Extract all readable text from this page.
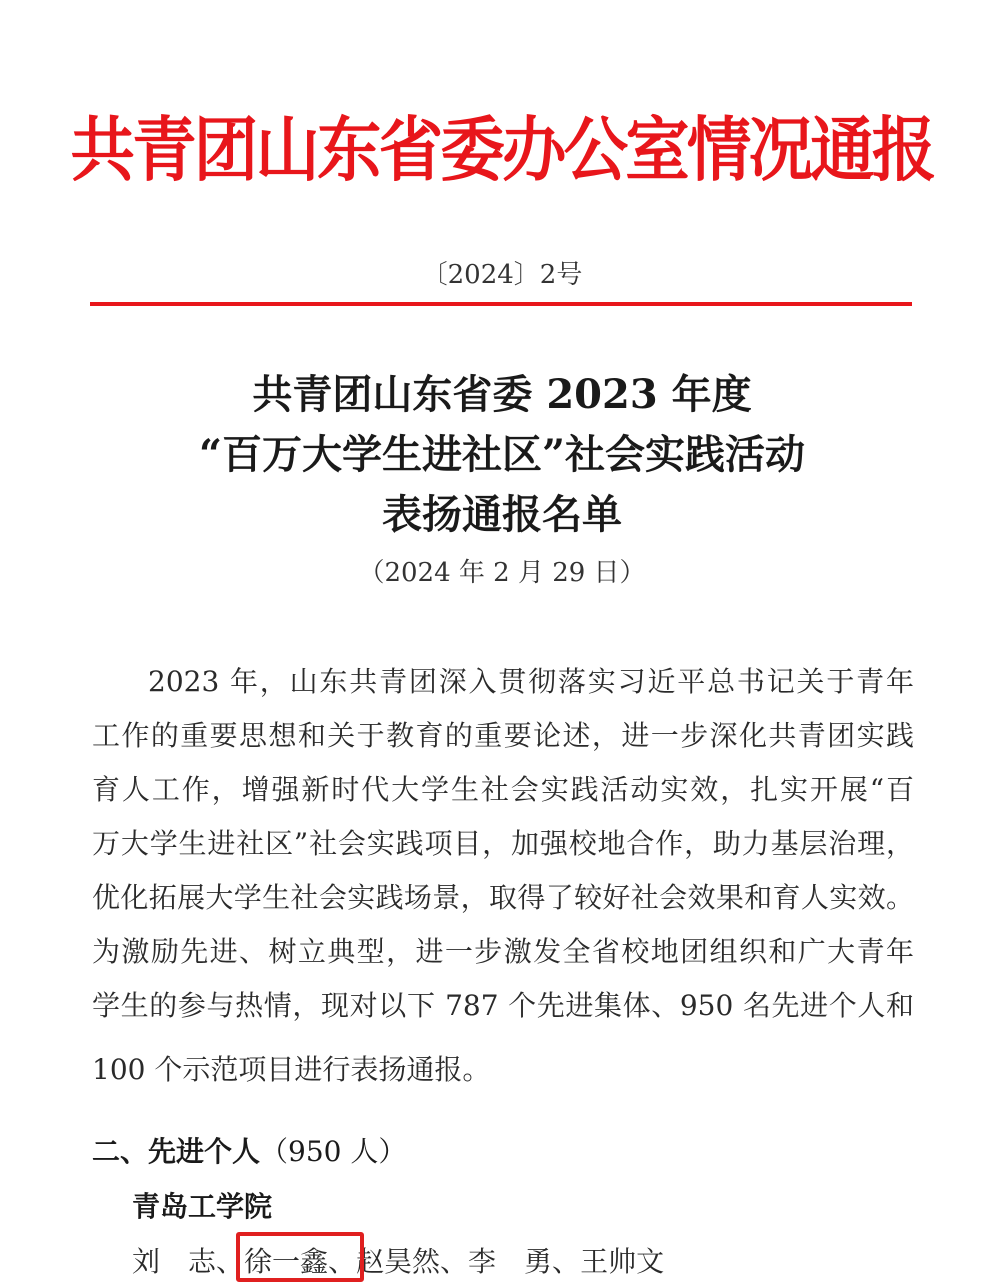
共青团山东省委办公室情况通报
〔2024〕2号
共青团山东省委 2023 年度
“百万大学生进社区”社会实践活动
表扬通报名单
（2024 年 2 月 29 日）
2023 年，山东共青团深入贯彻落实习近平总书记关于青年
工作的重要思想和关于教育的重要论述，进一步深化共青团实践
育人工作，增强新时代大学生社会实践活动实效，扎实开展“百
万大学生进社区”社会实践项目，加强校地合作，助力基层治理，
优化拓展大学生社会实践场景，取得了较好社会效果和育人实效。
为激励先进、树立典型，进一步激发全省校地团组织和广大青年
学生的参与热情，现对以下 787 个先进集体、950 名先进个人和
100 个示范项目进行表扬通报。
二、先进个人（950 人）
青岛工学院
刘　志、徐一鑫、赵昊然、李　勇、王帅文
